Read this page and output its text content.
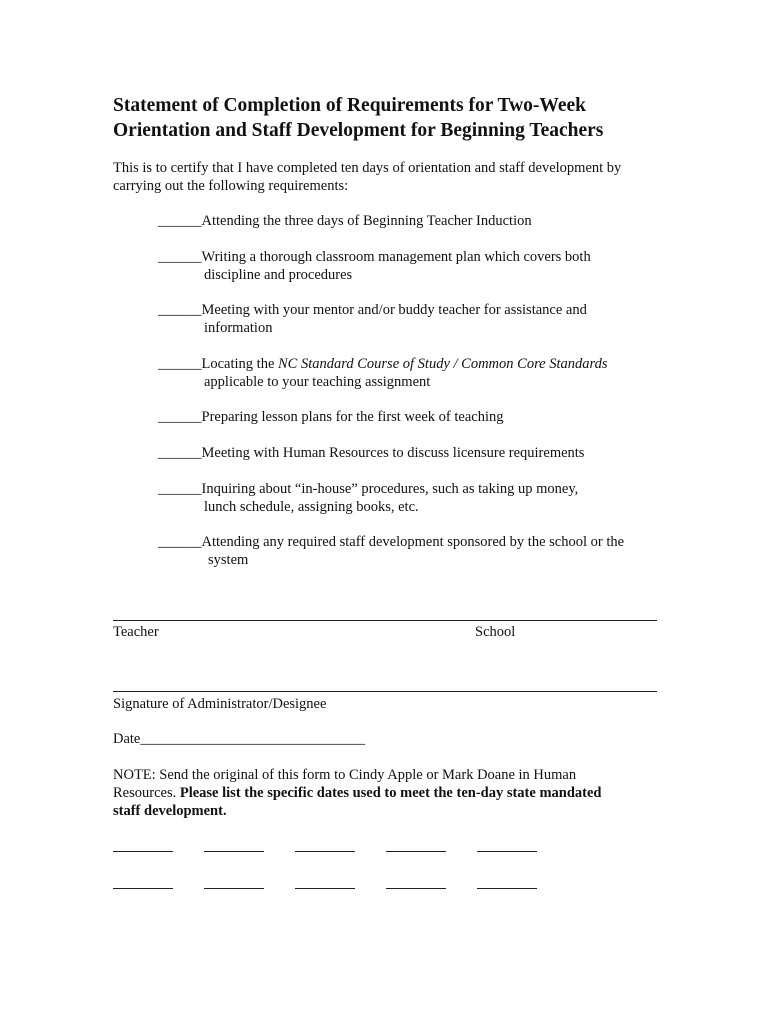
Statement of Completion of Requirements for Two-Week
Orientation and Staff Development for Beginning Teachers
This is to certify that I have completed ten days of orientation and staff development by
carrying out the following requirements:
______Attending the three days of Beginning Teacher Induction
______Writing a thorough classroom management plan which covers both
discipline and procedures
______Meeting with your mentor and/or buddy teacher for assistance and
information
______Locating the NC Standard Course of Study / Common Core Standards
applicable to your teaching assignment
______Preparing lesson plans for the first week of teaching
______Meeting with Human Resources to discuss licensure requirements
______Inquiring about “in-house” procedures, such as taking up money,
lunch schedule, assigning books, etc.
______Attending any required staff development sponsored by the school or the
system
Teacher	School
Signature of Administrator/Designee
Date_______________________________
NOTE: Send the original of this form to Cindy Apple or Mark Doane in Human
Resources. Please list the specific dates used to meet the ten-day state mandated
staff development.
